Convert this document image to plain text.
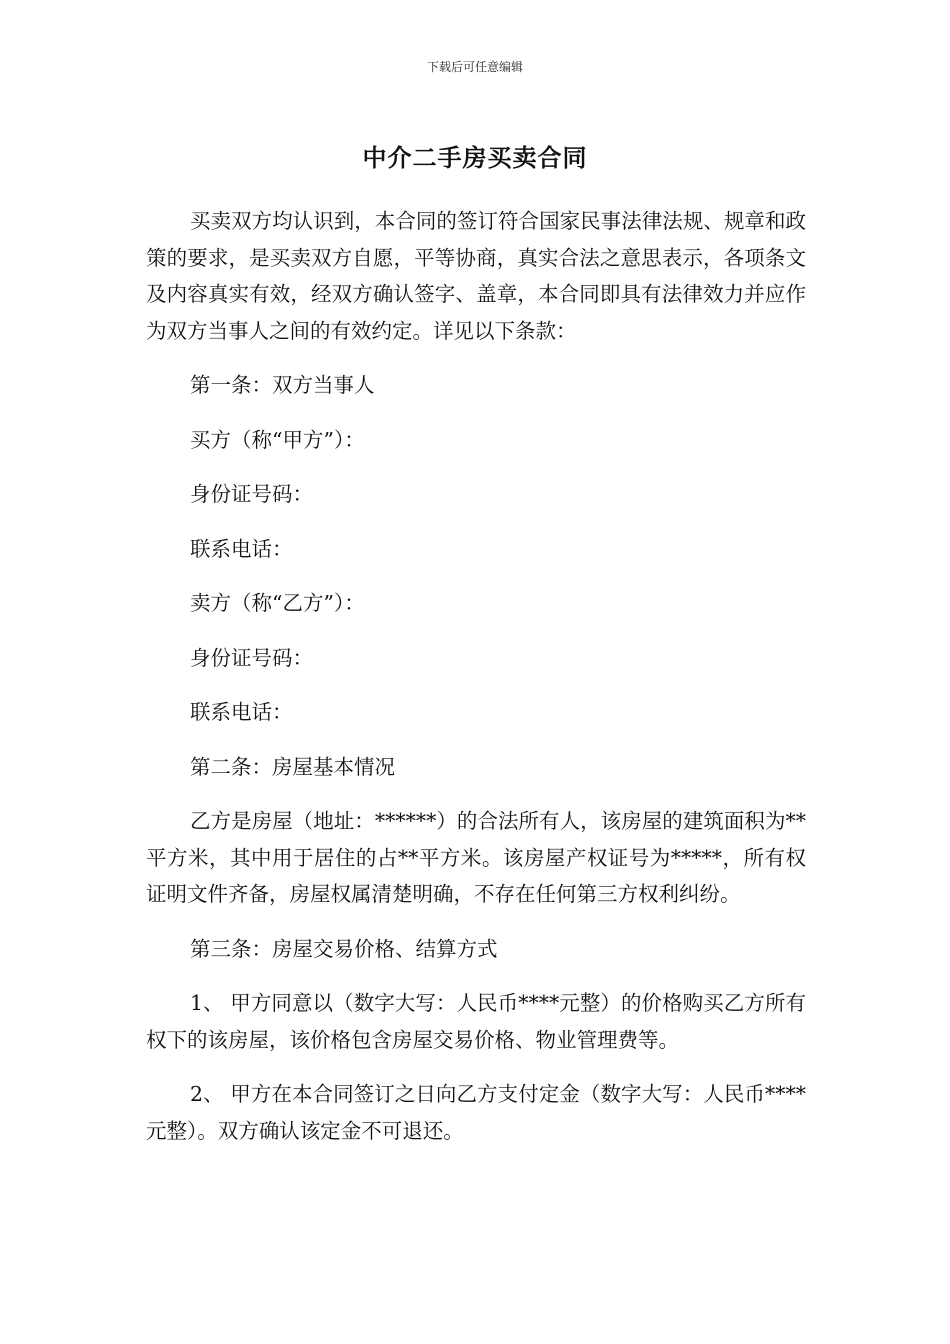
下载后可任意编辑
中介二手房买卖合同

买卖双方均认识到，本合同的签订符合国家民事法律法规、规章和政策的要求，是买卖双方自愿，平等协商，真实合法之意思表示，各项条文及内容真实有效，经双方确认签字、盖章，本合同即具有法律效力并应作为双方当事人之间的有效约定。详见以下条款：

第一条：双方当事人

买方（称“甲方”）：

身份证号码：

联系电话：

卖方（称“乙方”）：

身份证号码：

联系电话：

第二条：房屋基本情况

乙方是房屋（地址：******）的合法所有人，该房屋的建筑面积为**平方米，其中用于居住的占**平方米。该房屋产权证号为*****，所有权证明文件齐备，房屋权属清楚明确，不存在任何第三方权利纠纷。

第三条：房屋交易价格、结算方式

1、 甲方同意以（数字大写：人民币****元整）的价格购买乙方所有权下的该房屋，该价格包含房屋交易价格、物业管理费等。

2、 甲方在本合同签订之日向乙方支付定金（数字大写：人民币****元整）。双方确认该定金不可退还。
